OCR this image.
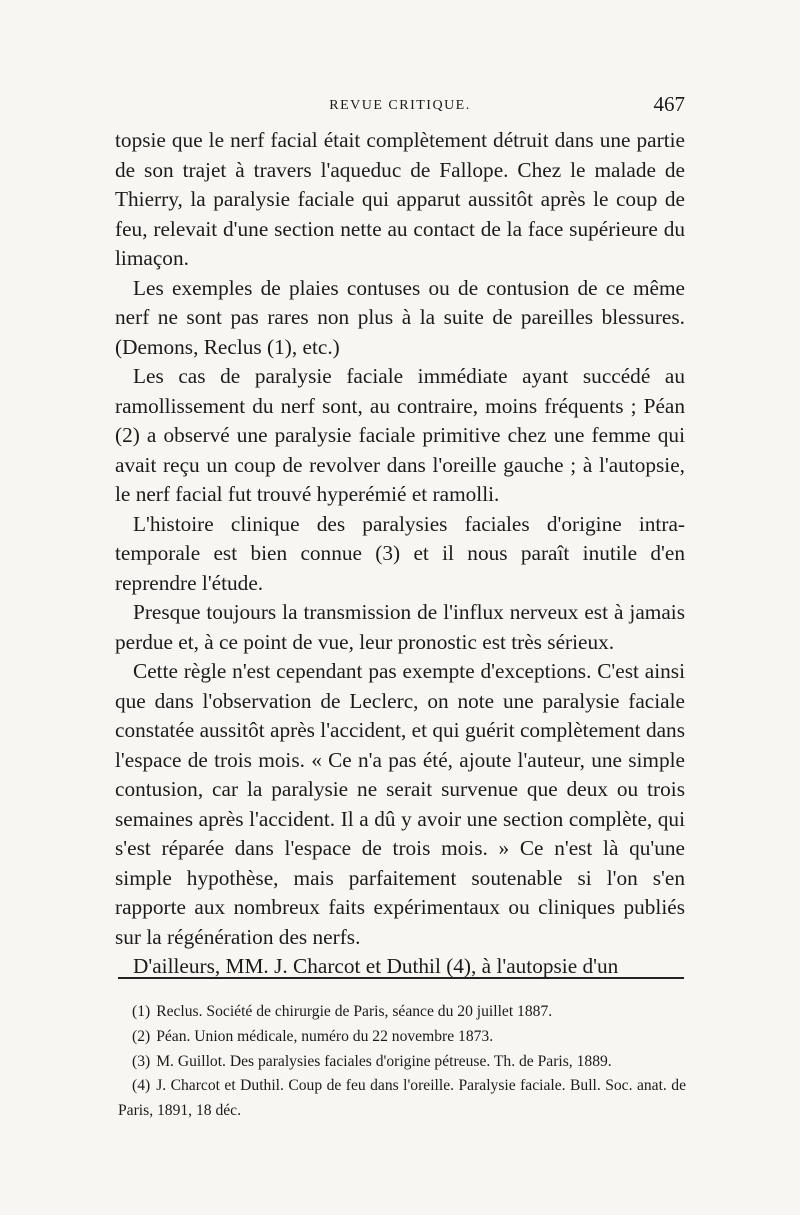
REVUE CRITIQUE.	467

topsie que le nerf facial était complètement détruit dans une partie de son trajet à travers l'aqueduc de Fallope. Chez le malade de Thierry, la paralysie faciale qui apparut aussitôt après le coup de feu, relevait d'une section nette au contact de la face supérieure du limaçon.

Les exemples de plaies contuses ou de contusion de ce même nerf ne sont pas rares non plus à la suite de pareilles blessures. (Demons, Reclus (1), etc.)

Les cas de paralysie faciale immédiate ayant succédé au ramollissement du nerf sont, au contraire, moins fréquents ; Péan (2) a observé une paralysie faciale primitive chez une femme qui avait reçu un coup de revolver dans l'oreille gauche ; à l'autopsie, le nerf facial fut trouvé hyperémié et ramolli.

L'histoire clinique des paralysies faciales d'origine intra-temporale est bien connue (3) et il nous paraît inutile d'en reprendre l'étude.

Presque toujours la transmission de l'influx nerveux est à jamais perdue et, à ce point de vue, leur pronostic est très sérieux.

Cette règle n'est cependant pas exempte d'exceptions. C'est ainsi que dans l'observation de Leclerc, on note une paralysie faciale constatée aussitôt après l'accident, et qui guérit complètement dans l'espace de trois mois. « Ce n'a pas été, ajoute l'auteur, une simple contusion, car la paralysie ne serait survenue que deux ou trois semaines après l'accident. Il a dû y avoir une section complète, qui s'est réparée dans l'espace de trois mois. » Ce n'est là qu'une simple hypothèse, mais parfaitement soutenable si l'on s'en rapporte aux nombreux faits expérimentaux ou cliniques publiés sur la régénération des nerfs.

D'ailleurs, MM. J. Charcot et Duthil (4), à l'autopsie d'un

(1) Reclus. Société de chirurgie de Paris, séance du 20 juillet 1887.

(2) Péan. Union médicale, numéro du 22 novembre 1873.

(3) M. Guillot. Des paralysies faciales d'origine pétreuse. Th. de Paris, 1889.

(4) J. Charcot et Duthil. Coup de feu dans l'oreille. Paralysie faciale. Bull. Soc. anat. de Paris, 1891, 18 déc.
